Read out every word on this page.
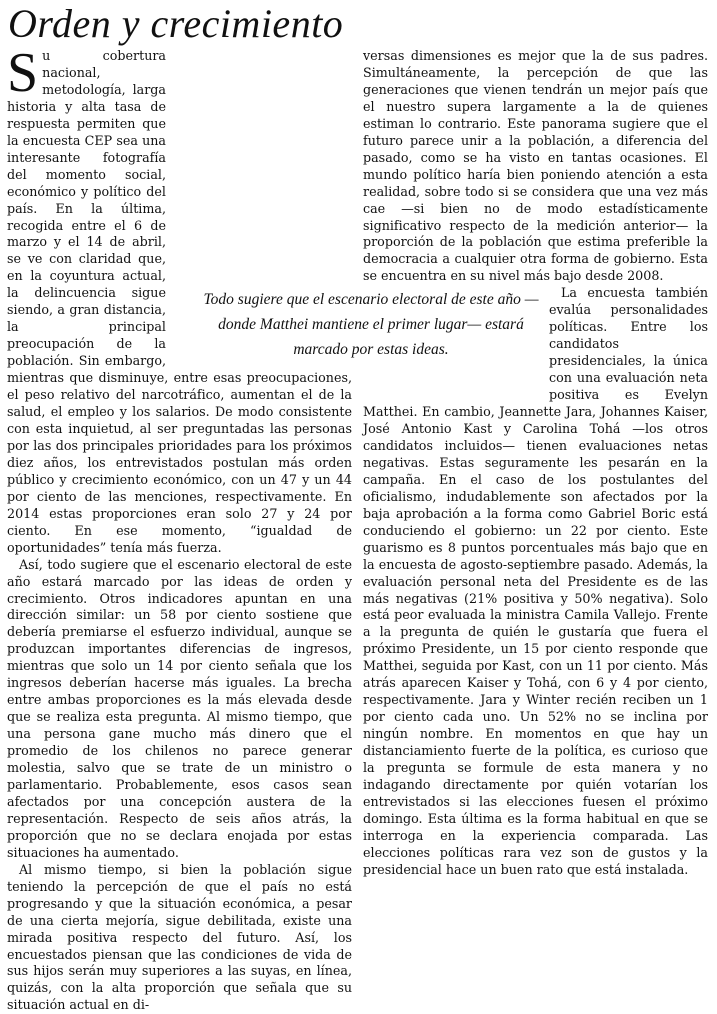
Orden y crecimiento

S u cobertura nacional, metodología, larga historia y alta tasa de respuesta permiten que la encuesta CEP sea una interesante fotografía del momento social, económico y político del país. En la última, recogida entre el 6 de marzo y el 14 de abril, se ve con claridad que, en la coyuntura actual, la delincuencia sigue siendo, a gran distancia, la principal preocupación de la población. Sin embargo, mientras que disminuye, entre esas preocupaciones, el peso relativo del narcotráfico, aumentan el de la salud, el empleo y los salarios. De modo consistente con esta inquietud, al ser preguntadas las personas por las dos principales prioridades para los próximos diez años, los entrevistados postulan más orden público y crecimiento económico, con un 47 y un 44 por ciento de las menciones, respectivamente. En 2014 estas proporciones eran solo 27 y 24 por ciento. En ese momento, “igualdad de oportunidades” tenía más fuerza.

Así, todo sugiere que el escenario electoral de este año estará marcado por las ideas de orden y crecimiento. Otros indicadores apuntan en una dirección similar: un 58 por ciento sostiene que debería premiarse el esfuerzo individual, aunque se produzcan importantes diferencias de ingresos, mientras que solo un 14 por ciento señala que los ingresos deberían hacerse más iguales. La brecha entre ambas proporciones es la más elevada desde que se realiza esta pregunta. Al mismo tiempo, que una persona gane mucho más dinero que el promedio de los chilenos no parece generar molestia, salvo que se trate de un ministro o parlamentario. Probablemente, esos casos sean afectados por una concepción austera de la representación. Respecto de seis años atrás, la proporción que no se declara enojada por estas situaciones ha aumentado.

Al mismo tiempo, si bien la población sigue teniendo la percepción de que el país no está progresando y que la situación económica, a pesar de una cierta mejoría, sigue debilitada, existe una mirada positiva respecto del futuro. Así, los encuestados piensan que las condiciones de vida de sus hijos serán muy superiores a las suyas, en línea, quizás, con la alta proporción que señala que su situación actual en di-

versas dimensiones es mejor que la de sus padres. Simultáneamente, la percepción de que las generaciones que vienen tendrán un mejor país que el nuestro supera largamente a la de quienes estiman lo contrario. Este panorama sugiere que el futuro parece unir a la población, a diferencia del pasado, como se ha visto en tantas ocasiones. El mundo político haría bien poniendo atención a esta realidad, sobre todo si se considera que una vez más cae —si bien no de modo estadísticamente significativo respecto de la medición anterior— la proporción de la población que estima preferible la democracia a cualquier otra forma de gobierno. Esta se encuentra en su nivel más bajo desde 2008.

La encuesta también evalúa personalidades políticas. Entre los candidatos presidenciales, la única con una evaluación neta positiva es Evelyn Matthei. En cambio, Jeannette Jara, Johannes Kaiser, José Antonio Kast y Carolina Tohá —los otros candidatos incluidos— tienen evaluaciones netas negativas. Estas seguramente les pesarán en la campaña. En el caso de los postulantes del oficialismo, indudablemente son afectados por la baja aprobación a la forma como Gabriel Boric está conduciendo el gobierno: un 22 por ciento. Este guarismo es 8 puntos porcentuales más bajo que en la encuesta de agosto-septiembre pasado. Además, la evaluación personal neta del Presidente es de las más negativas (21% positiva y 50% negativa). Solo está peor evaluada la ministra Camila Vallejo. Frente a la pregunta de quién le gustaría que fuera el próximo Presidente, un 15 por ciento responde que Matthei, seguida por Kast, con un 11 por ciento. Más atrás aparecen Kaiser y Tohá, con 6 y 4 por ciento, respectivamente. Jara y Winter recién reciben un 1 por ciento cada uno. Un 52% no se inclina por ningún nombre. En momentos en que hay un distanciamiento fuerte de la política, es curioso que la pregunta se formule de esta manera y no indagando directamente por quién votarían los entrevistados si las elecciones fuesen el próximo domingo. Esta última es la forma habitual en que se interroga en la experiencia comparada. Las elecciones políticas rara vez son de gustos y la presidencial hace un buen rato que está instalada.

Todo sugiere que el escenario electoral de este año —donde Matthei mantiene el primer lugar— estará marcado por estas ideas.
